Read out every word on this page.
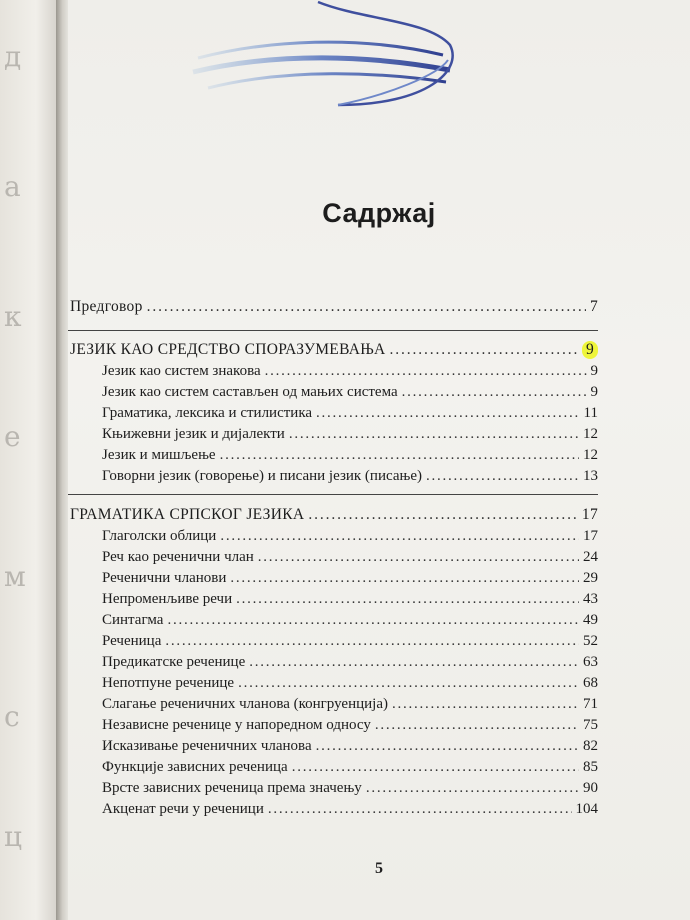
д
а
к
е
м
с
ц
Садржај
Предговор . . .	7
ЈЕЗИК КАО СРЕДСТВО СПОРАЗУМЕВАЊА . . .	9
Језик као систем знакова . . .	9
Језик као систем састављен од мањих система . . .	9
Граматика, лексика и стилистика . . .	11
Књижевни језик и дијалекти . . .	12
Језик и мишљење . . .	12
Говорни језик (говорење) и писани језик (писање) . . .	13
ГРАМАТИКА СРПСКОГ ЈЕЗИКА . . .	17
Глаголски облици . . .	17
Реч као реченични члан . . .	24
Реченични чланови . . .	29
Непроменљиве речи . . .	43
Синтагма . . .	49
Реченица . . .	52
Предикатске реченице . . .	63
Непотпуне реченице . . .	68
Слагање реченичних чланова (конгруенција) . . .	71
Независне реченице у напоредном односу . . .	75
Исказивање реченичних чланова . . .	82
Функције зависних реченица . . .	85
Врсте зависних реченица према значењу . . .	90
Акценат речи у реченици . . .	104
5
